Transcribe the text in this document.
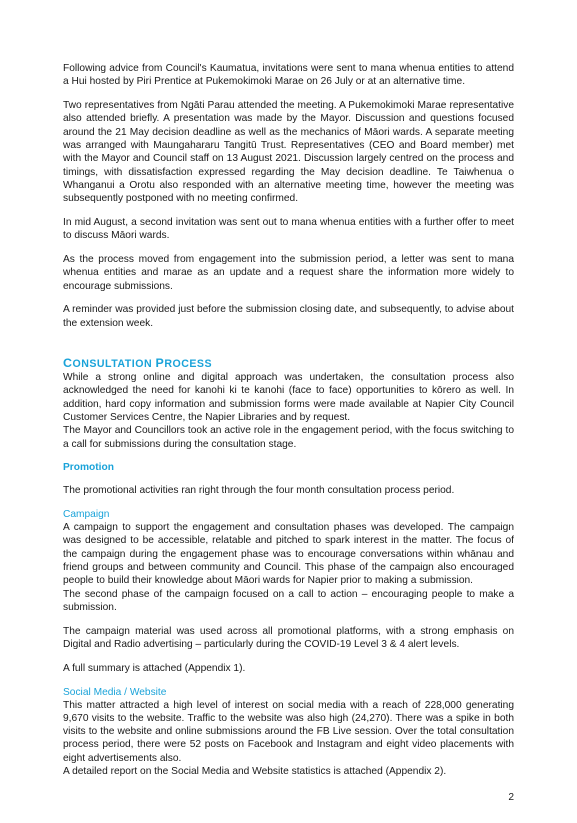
Following advice from Council's Kaumatua, invitations were sent to mana whenua entities to attend a Hui hosted by Piri Prentice at Pukemokimoki Marae on 26 July or at an alternative time.

Two representatives from Ngāti Parau attended the meeting. A Pukemokimoki Marae representative also attended briefly. A presentation was made by the Mayor. Discussion and questions focused around the 21 May decision deadline as well as the mechanics of Māori wards. A separate meeting was arranged with Maungahararu Tangitū Trust. Representatives (CEO and Board member) met with the Mayor and Council staff on 13 August 2021. Discussion largely centred on the process and timings, with dissatisfaction expressed regarding the May decision deadline. Te Taiwhenua o Whanganui a Orotu also responded with an alternative meeting time, however the meeting was subsequently postponed with no meeting confirmed.

In mid August, a second invitation was sent out to mana whenua entities with a further offer to meet to discuss Māori wards.

As the process moved from engagement into the submission period, a letter was sent to mana whenua entities and marae as an update and a request share the information more widely to encourage submissions.

A reminder was provided just before the submission closing date, and subsequently, to advise about the extension week.

CONSULTATION PROCESS

While a strong online and digital approach was undertaken, the consultation process also acknowledged the need for kanohi ki te kanohi (face to face) opportunities to kōrero as well. In addition, hard copy information and submission forms were made available at Napier City Council Customer Services Centre, the Napier Libraries and by request.

The Mayor and Councillors took an active role in the engagement period, with the focus switching to a call for submissions during the consultation stage.

Promotion

The promotional activities ran right through the four month consultation process period.

Campaign

A campaign to support the engagement and consultation phases was developed. The campaign was designed to be accessible, relatable and pitched to spark interest in the matter. The focus of the campaign during the engagement phase was to encourage conversations within whānau and friend groups and between community and Council. This phase of the campaign also encouraged people to build their knowledge about Māori wards for Napier prior to making a submission.

The second phase of the campaign focused on a call to action – encouraging people to make a submission.

The campaign material was used across all promotional platforms, with a strong emphasis on Digital and Radio advertising – particularly during the COVID-19 Level 3 & 4 alert levels.

A full summary is attached (Appendix 1).

Social Media / Website

This matter attracted a high level of interest on social media with a reach of 228,000 generating 9,670 visits to the website. Traffic to the website was also high (24,270). There was a spike in both visits to the website and online submissions around the FB Live session. Over the total consultation process period, there were 52 posts on Facebook and Instagram and eight video placements with eight advertisements also.

A detailed report on the Social Media and Website statistics is attached (Appendix 2).

2
